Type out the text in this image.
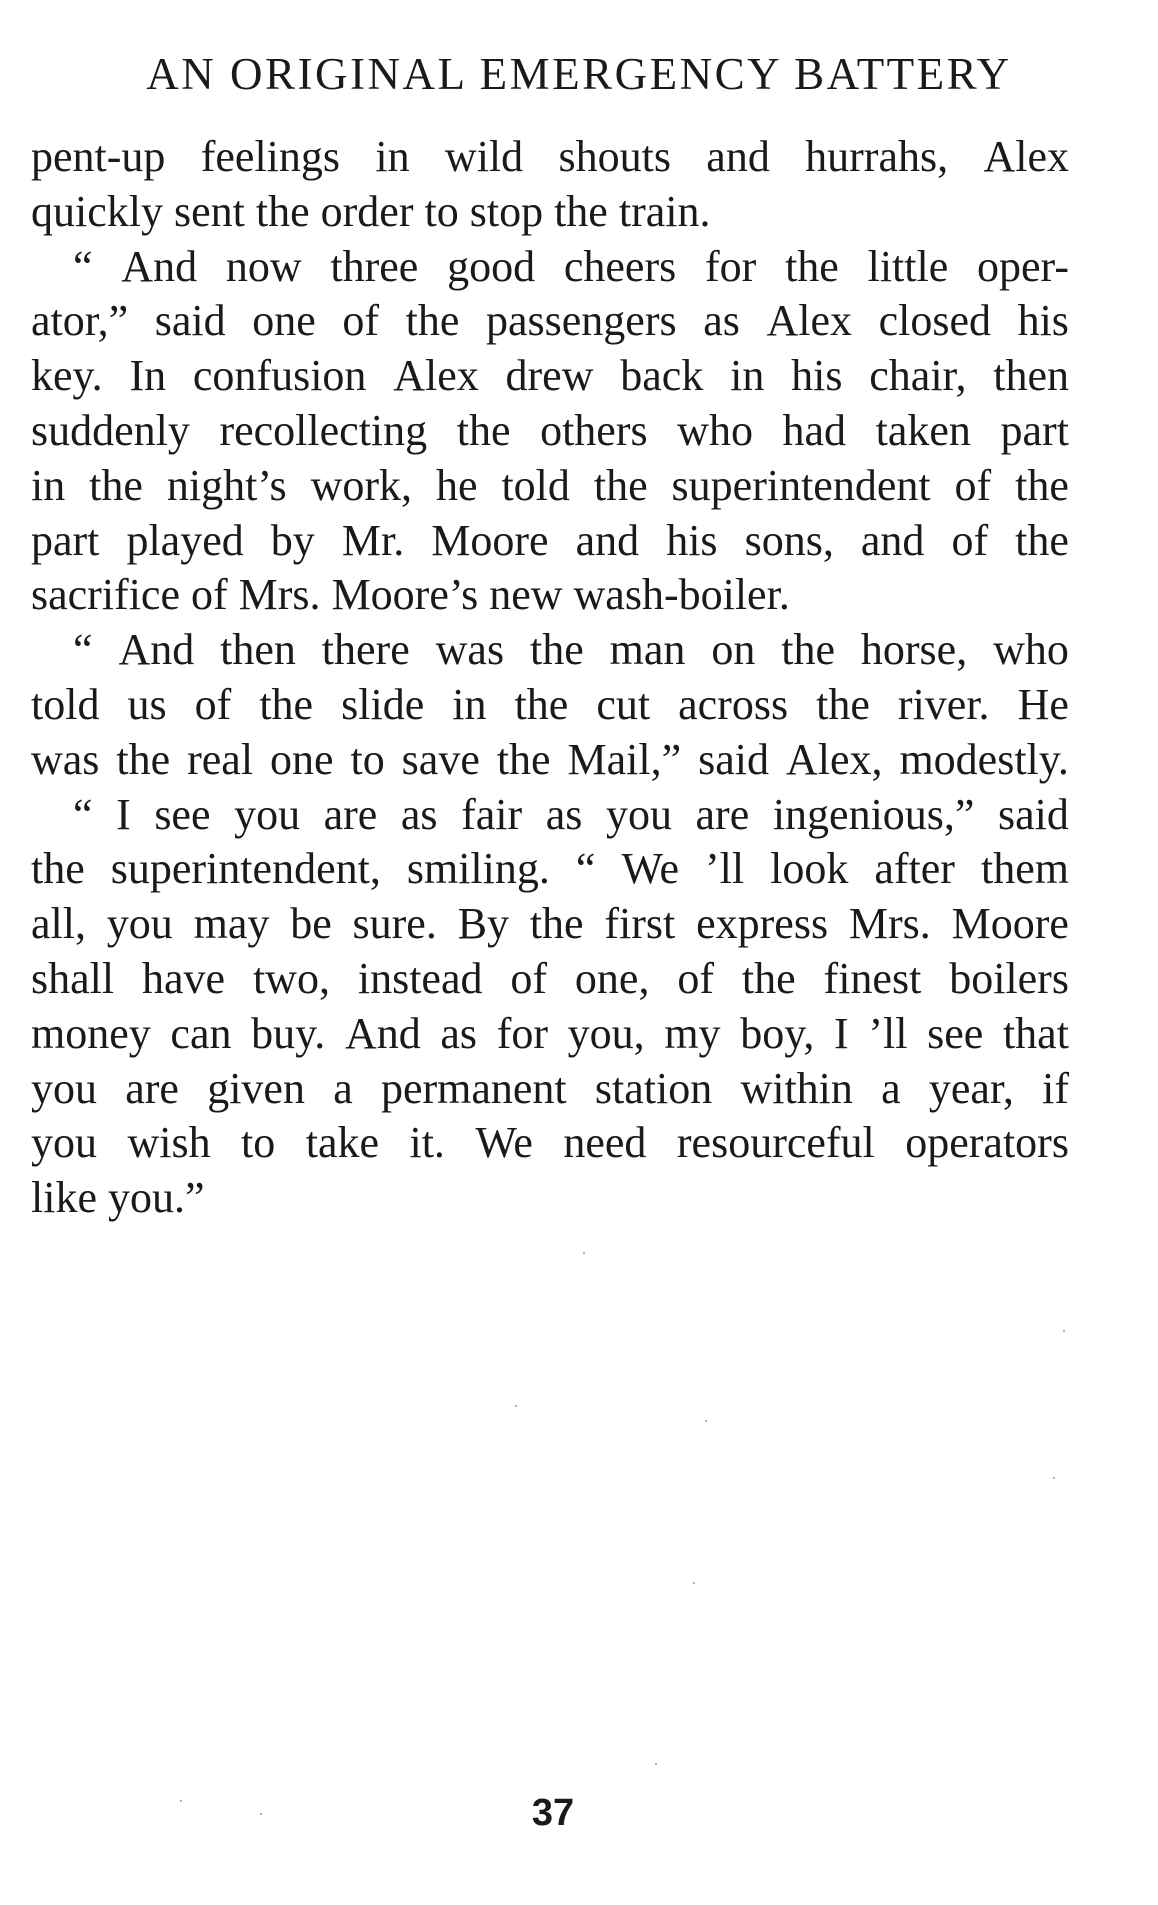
AN ORIGINAL EMERGENCY BATTERY
pent-up feelings in wild shouts and hurrahs, Alex
quickly sent the order to stop the train.
“ And now three good cheers for the little oper-
ator,” said one of the passengers as Alex closed his
key. In confusion Alex drew back in his chair, then
suddenly recollecting the others who had taken part
in the night’s work, he told the superintendent of the
part played by Mr. Moore and his sons, and of the
sacrifice of Mrs. Moore’s new wash-boiler.
“ And then there was the man on the horse, who
told us of the slide in the cut across the river. He
was the real one to save the Mail,” said Alex, modestly.
“ I see you are as fair as you are ingenious,” said
the superintendent, smiling. “ We ’ll look after them
all, you may be sure. By the first express Mrs. Moore
shall have two, instead of one, of the finest boilers
money can buy. And as for you, my boy, I ’ll see that
you are given a permanent station within a year, if
you wish to take it. We need resourceful operators
like you.”
37
